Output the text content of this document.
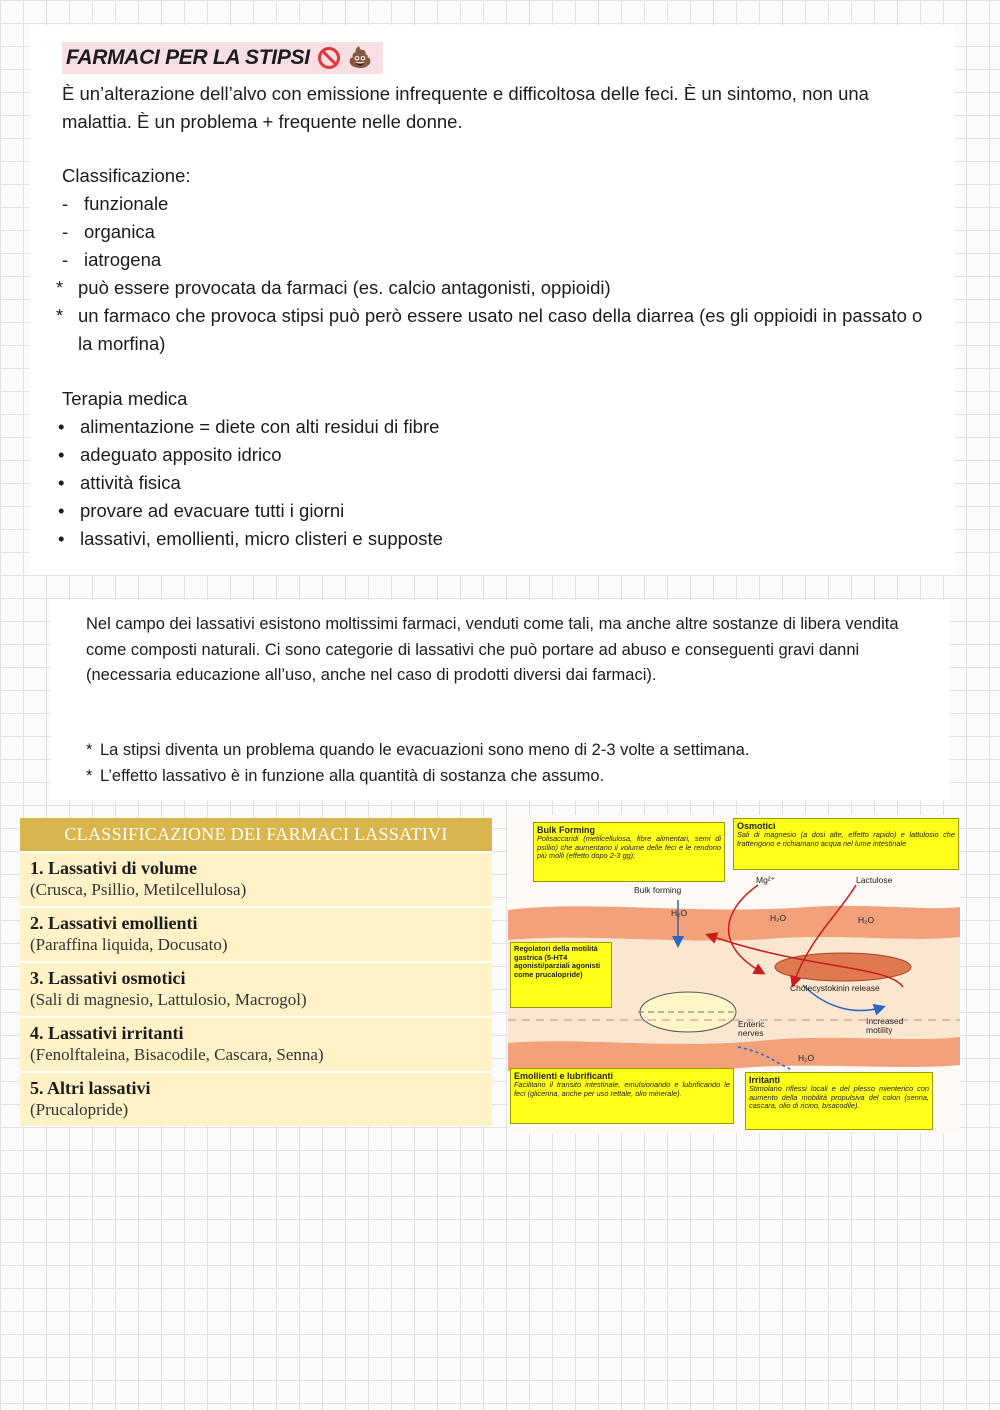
FARMACI PER LA STIPSI 💩
È un’alterazione dell’alvo con emissione infrequente e difficoltosa delle feci. È un sintomo, non una malattia. È un problema + frequente nelle donne.
Classificazione:
- funzionale
- organica
- iatrogena
* può essere provocata da farmaci (es. calcio antagonisti, oppioidi)
* un farmaco che provoca stipsi può però essere usato nel caso della diarrea (es gli oppioidi in passato o la morfina)
Terapia medica
• alimentazione = diete con alti residui di fibre
• adeguato apposito idrico
• attività fisica
• provare ad evacuare tutti i giorni
• lassativi, emollienti, micro clisteri e supposte
Nel campo dei lassativi esistono moltissimi farmaci, venduti come tali, ma anche altre sostanze di libera vendita come composti naturali. Ci sono categorie di lassativi che può portare ad abuso e conseguenti gravi danni (necessaria educazione all’uso, anche nel caso di prodotti diversi dai farmaci).
* La stipsi diventa un problema quando le evacuazioni sono meno di 2-3 volte a settimana.
* L’effetto lassativo è in funzione alla quantità di sostanza che assumo.
CLASSIFICAZIONE DEI FARMACI LASSATIVI
1. Lassativi di volume
(Crusca, Psillio, Metilcellulosa)
2. Lassativi emollienti
(Paraffina liquida, Docusato)
3. Lassativi osmotici
(Sali di magnesio, Lattulosio, Macrogol)
4. Lassativi irritanti
(Fenolftaleina, Bisacodile, Cascara, Senna)
5. Altri lassativi
(Prucalopride)
Bulk Forming
Polisaccaridi (metilcellulosa, fibre alimentari, semi di psillio) che aumentano il volume delle feci e le rendono più molli (effetto dopo 2-3 gg);
Osmotici
Sali di magnesio (a dosi alte, effetto rapido) e lattulosio che trattengono e richiamano acqua nel lume intestinale
Regolatori della motilità gastrica (5-HT4 agonisti/parziali agonisti come prucalopride)
Emollienti e lubrificanti
Facilitano il transito intestinale, emulsionando e lubrificando le feci (glicerina, anche per uso rettale, olio minerale).
Irritanti
Stimolano riflessi locali e del plesso mienterico con aumento della mobilità propulsiva del colon (senna, cascara, olio di ricino, bisacodile).
Bulk forming
Mg²⁺	Lactulose
H₂O	H₂O	H₂O
H₂O
Cholecystokinin release
Enteric nerves
Increased motility
